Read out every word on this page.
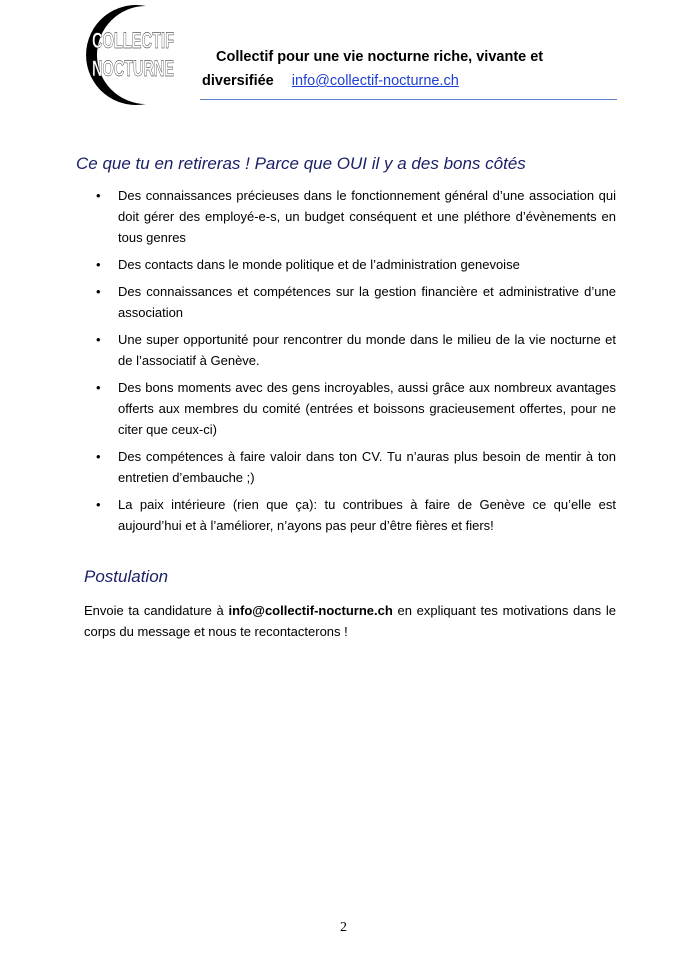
COLLECTIF
NOCTURNE	Collectif pour une vie nocturne riche, vivante et
diversifiée info@collectif-nocturne.ch
Ce que tu en retireras ! Parce que OUI il y a des bons côtés
• Des connaissances précieuses dans le fonctionnement général d’une association qui doit gérer des employé-e-s, un budget conséquent et une pléthore d’évènements en tous genres
• Des contacts dans le monde politique et de l’administration genevoise
• Des connaissances et compétences sur la gestion financière et administrative d’une association
• Une super opportunité pour rencontrer du monde dans le milieu de la vie nocturne et de l’associatif à Genève.
• Des bons moments avec des gens incroyables, aussi grâce aux nombreux avantages offerts aux membres du comité (entrées et boissons gracieusement offertes, pour ne citer que ceux-ci)
• Des compétences à faire valoir dans ton CV. Tu n’auras plus besoin de mentir à ton entretien d’embauche ;)
• La paix intérieure (rien que ça): tu contribues à faire de Genève ce qu’elle est aujourd’hui et à l’améliorer, n’ayons pas peur d’être fières et fiers!
Postulation

Envoie ta candidature à info@collectif-nocturne.ch en expliquant tes motivations dans le corps du message et nous te recontacterons !

2
